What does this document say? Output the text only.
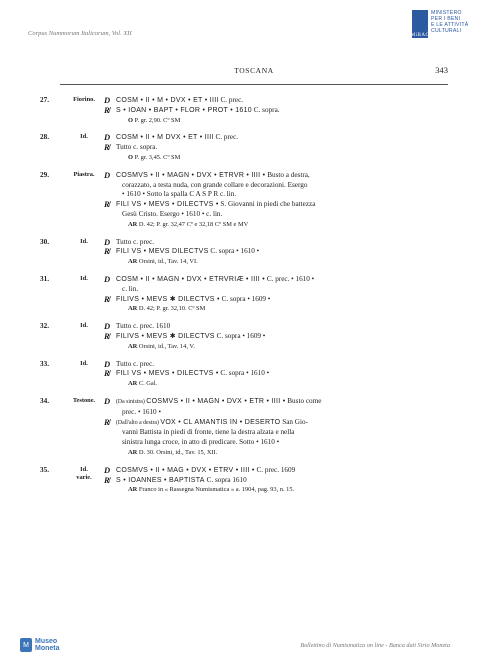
Corpus Nummorum Italicorum, Vol. XII	MiBAC
MINISTERO
PER I BENI
E LE ATTIVITÀ
CULTURALI
TOSCANA	343
27.	Fiorino.	D COSM • II • M • DVX • ET • IIII C. prec.
R̸ S • IOAN • BAPT • FLOR • PROT • 1610 C. sopra.
O P. gr. 2,90. Cº SM
28.	Id.	D COSM • II • M DVX • ET • IIII C. prec.
R̸ Tutto c. sopra.
O P. gr. 3,45. Cº SM
29.	Piastra.	D COSMVS • II • MAGN • DVX • ETRVR • IIII • Busto a destra,
corazzato, a testa nuda, con grande collare e decorazioni. Esergo
• 1610 • Sotto la spalla C A S P R c. lin.
R̸ FILI VS • MEVS • DILECTVS • S. Giovanni in piedi che battezza
Gesù Cristo. Esergo • 1610 • c. lin.
AR D. 42; P. gr. 32,47 Cº e 32,18 Cº SM e MV
30.	Id.	D Tutto c. prec.
R̸ FILI VS • MEVS DILECTVS C. sopra • 1610 •
AR Orsini, id., Tav. 14, VI.
31.	Id.	D COSM • II • MAGN • DVX • ETRVRIÆ • IIII • C. prec. • 1610 •
c. lin.
R̸ FILIVS • MEVS ✱ DILECTVS • C. sopra • 1609 •
AR D. 42; P. gr. 32,10. Cº SM
32.	Id.	D Tutto c. prec. 1610
R̸ FILIVS • MEVS ✱ DILECTVS C. sopra • 1609 •
AR Orsini, id., Tav. 14, V.
33.	Id.	D Tutto c. prec.
R̸ FILI VS • MEVS • DILECTVS • C. sopra • 1610 •
AR C. Gal.
34.	Testone.	D (Da sinistra) COSMVS • II • MAGN • DVX • ETR • IIII • Busto come
prec. • 1610 •
R̸ (Dall'alto a destra) VOX • CL AMANTIS IN • DESERTO San Gio-
vanni Battista in piedi di fronte, tiene la destra alzata e nella
sinistra lunga croce, in atto di predicare. Sotto • 1610 •
AR D. 30. Orsini, id., Tav. 15, XII.
35.	Id.
varie.
D COSMVS • II • MAG • DVX • ETRV • IIII • C. prec. 1609
R̸ S • IOANNES • BAPTISTA C. sopra 1610
AR Franco in « Rassegna Numismatica » a. 1904, pag. 93, n. 15.
M Museo
Moneta	Bollettino di Numismatica on line - Banca dati Sirio Moneta
